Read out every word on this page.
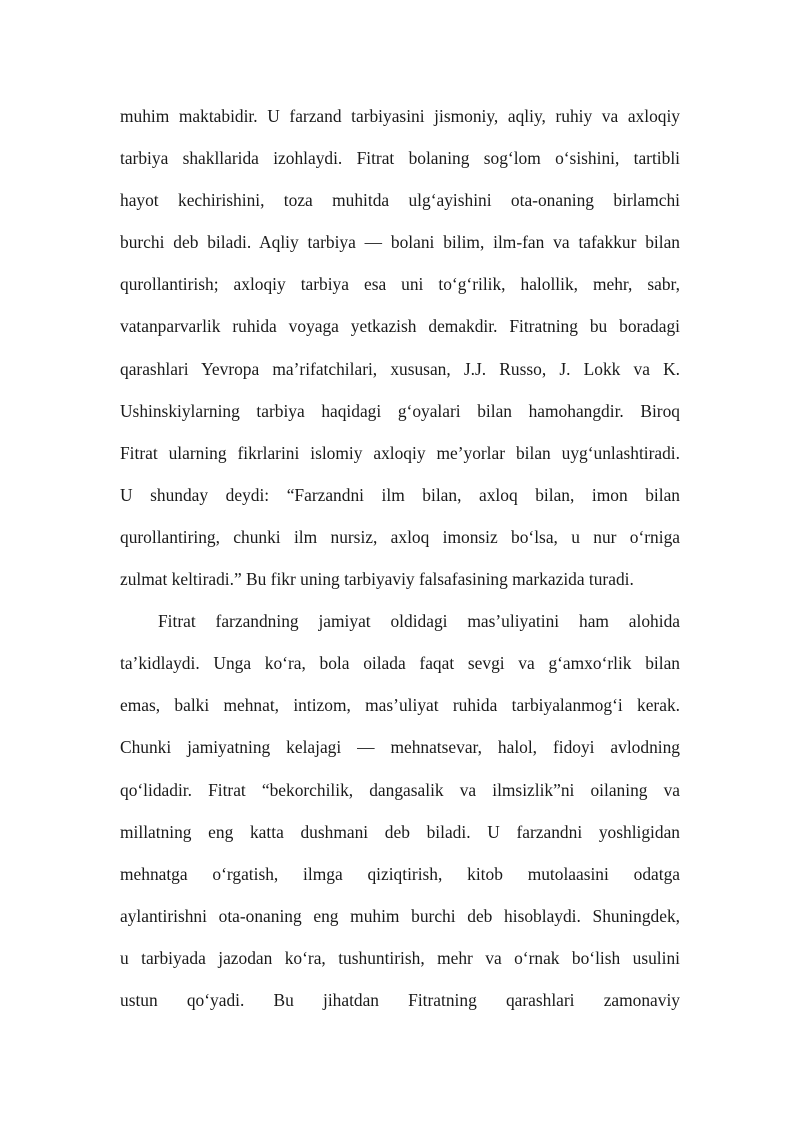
muhim maktabidir. U farzand tarbiyasini jismoniy, aqliy, ruhiy va axloqiy
tarbiya shakllarida izohlaydi. Fitrat bolaning sog‘lom o‘sishini, tartibli
hayot kechirishini, toza muhitda ulg‘ayishini ota-onaning birlamchi
burchi deb biladi. Aqliy tarbiya — bolani bilim, ilm-fan va tafakkur bilan
qurollantirish; axloqiy tarbiya esa uni to‘g‘rilik, halollik, mehr, sabr,
vatanparvarlik ruhida voyaga yetkazish demakdir. Fitratning bu boradagi
qarashlari Yevropa ma’rifatchilari, xususan, J.J. Russo, J. Lokk va K.
Ushinskiylarning tarbiya haqidagi g‘oyalari bilan hamohangdir. Biroq
Fitrat ularning fikrlarini islomiy axloqiy me’yorlar bilan uyg‘unlashtiradi.
U shunday deydi: “Farzandni ilm bilan, axloq bilan, imon bilan
qurollantiring, chunki ilm nursiz, axloq imonsiz bo‘lsa, u nur o‘rniga
zulmat keltiradi.” Bu fikr uning tarbiyaviy falsafasining markazida turadi.
Fitrat farzandning jamiyat oldidagi mas’uliyatini ham alohida
ta’kidlaydi. Unga ko‘ra, bola oilada faqat sevgi va g‘amxo‘rlik bilan
emas, balki mehnat, intizom, mas’uliyat ruhida tarbiyalanmog‘i kerak.
Chunki jamiyatning kelajagi — mehnatsevar, halol, fidoyi avlodning
qo‘lidadir. Fitrat “bekorchilik, dangasalik va ilmsizlik”ni oilaning va
millatning eng katta dushmani deb biladi. U farzandni yoshligidan
mehnatga o‘rgatish, ilmga qiziqtirish, kitob mutolaasini odatga
aylantirishni ota-onaning eng muhim burchi deb hisoblaydi. Shuningdek,
u tarbiyada jazodan ko‘ra, tushuntirish, mehr va o‘rnak bo‘lish usulini
ustun qo‘yadi. Bu jihatdan Fitratning qarashlari zamonaviy
